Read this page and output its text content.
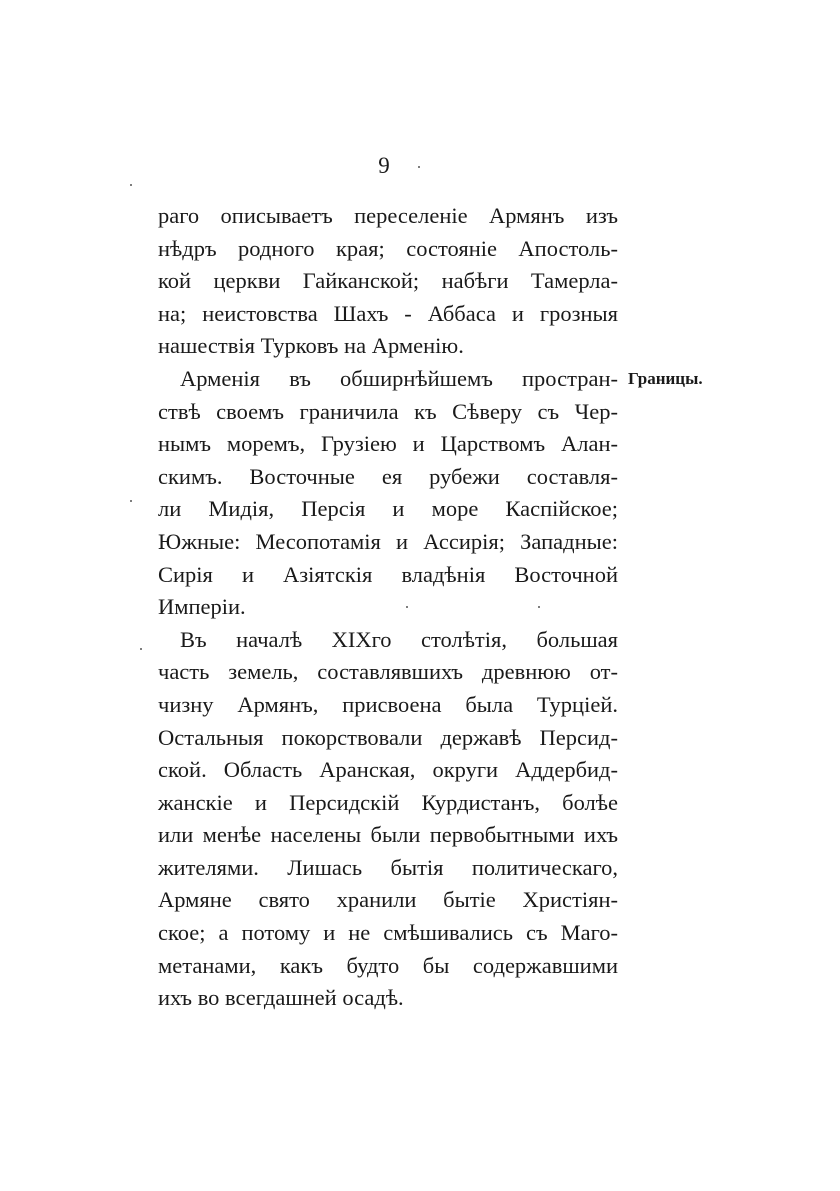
9
раго описываетъ переселеніе Армянъ изъ
нѣдръ родного края; состояніе Апостоль-
кой церкви Гайканской; набѣги Тамерла-
на; неистовства Шахъ - Аббаса и грозныя
нашествія Турковъ на Арменію.
Арменія въ обширнѣйшемъ простран-
ствѣ своемъ граничила къ Сѣверу съ Чер-
нымъ моремъ, Грузіею и Царствомъ Алан-
скимъ. Восточные ея рубежи составля-
ли Мидія, Персія и море Каспійское;
Южные: Месопотамія и Ассирія; Западные:
Сирія и Азіятскія владѣнія Восточной
Имперіи.
Въ началѣ XIXго столѣтія, большая
часть земель, составлявшихъ древнюю от-
чизну Армянъ, присвоена была Турціей.
Остальныя покорствовали державѣ Персид-
ской. Область Аранская, округи Аддербид-
жанскіе и Персидскій Курдистанъ, болѣе
или менѣе населены были первобытными ихъ
жителями. Лишась бытія политическаго,
Армяне свято хранили бытіе Христіян-
ское; а потому и не смѣшивались съ Маго-
метанами, какъ будто бы содержавшими
ихъ во всегдашней осадѣ.
Границы.
